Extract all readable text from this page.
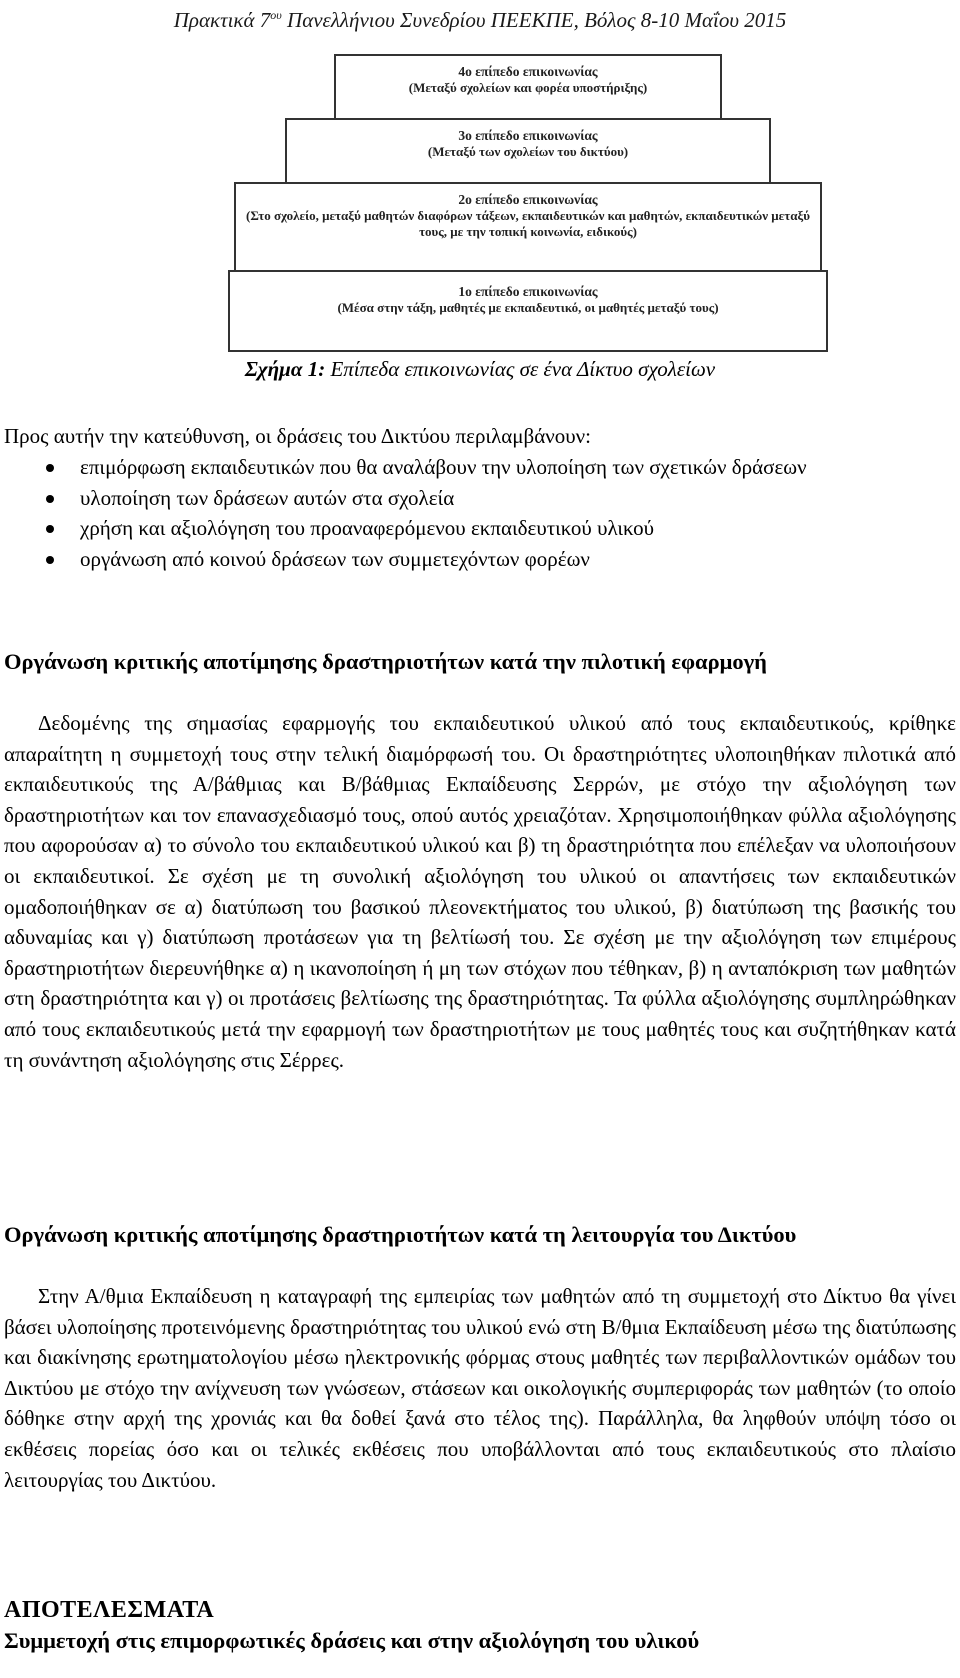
Πρακτικά $7^{o\upsilon}$ Πανελλήνιου Συνεδρίου ΠΕΕΚΠΕ, Βόλος 8-10 Μαΐου 2015
4ο επίπεδο επικοινωνίας
(Μεταξύ σχολείων και φορέα υποστήριξης)
3ο επίπεδο επικοινωνίας
(Μεταξύ των σχολείων του δικτύου)
2ο επίπεδο επικοινωνίας
(Στο σχολείο, μεταξύ μαθητών διαφόρων τάξεων, εκπαιδευτικών και μαθητών, εκπαιδευτικών μεταξύ τους, με την τοπική κοινωνία, ειδικούς)
1ο επίπεδο επικοινωνίας
(Μέσα στην τάξη, μαθητές με εκπαιδευτικό, οι μαθητές μεταξύ τους)
Σχήμα 1: Επίπεδα επικοινωνίας σε ένα Δίκτυο σχολείων
Προς αυτήν την κατεύθυνση, οι δράσεις του Δικτύου περιλαμβάνουν:
επιμόρφωση εκπαιδευτικών που θα αναλάβουν την υλοποίηση των σχετικών δράσεων
υλοποίηση των δράσεων αυτών στα σχολεία
χρήση και αξιολόγηση του προαναφερόμενου εκπαιδευτικού υλικού
οργάνωση από κοινού δράσεων των συμμετεχόντων φορέων
Οργάνωση κριτικής αποτίμησης δραστηριοτήτων κατά την πιλοτική εφαρμογή
Δεδομένης της σημασίας εφαρμογής του εκπαιδευτικού υλικού από τους εκπαιδευτικούς, κρίθηκε απαραίτητη η συμμετοχή τους στην τελική διαμόρφωσή του. Οι δραστηριότητες υλοποιηθήκαν πιλοτικά από εκπαιδευτικούς της Α/βάθμιας και Β/βάθμιας Εκπαίδευσης Σερρών, με στόχο την αξιολόγηση των δραστηριοτήτων και τον επανασχεδιασμό τους, οπού αυτός χρειαζόταν. Χρησιμοποιήθηκαν φύλλα αξιολόγησης που αφορούσαν α) το σύνολο του εκπαιδευτικού υλικού και β) τη δραστηριότητα που επέλεξαν να υλοποιήσουν οι εκπαιδευτικοί. Σε σχέση με τη συνολική αξιολόγηση του υλικού οι απαντήσεις των εκπαιδευτικών ομαδοποιήθηκαν σε α) διατύπωση του βασικού πλεονεκτήματος του υλικού, β) διατύπωση της βασικής του αδυναμίας και γ) διατύπωση προτάσεων για τη βελτίωσή του. Σε σχέση με την αξιολόγηση των επιμέρους δραστηριοτήτων διερευνήθηκε α) η ικανοποίηση ή μη των στόχων που τέθηκαν, β) η ανταπόκριση των μαθητών στη δραστηριότητα και γ) οι προτάσεις βελτίωσης της δραστηριότητας. Τα φύλλα αξιολόγησης συμπληρώθηκαν από τους εκπαιδευτικούς μετά την εφαρμογή των δραστηριοτήτων με τους μαθητές τους και συζητήθηκαν κατά τη συνάντηση αξιολόγησης στις Σέρρες.
Οργάνωση κριτικής αποτίμησης δραστηριοτήτων κατά τη λειτουργία του Δικτύου
Στην Α/θμια Εκπαίδευση η καταγραφή της εμπειρίας των μαθητών από τη συμμετοχή στο Δίκτυο θα γίνει βάσει υλοποίησης προτεινόμενης δραστηριότητας του υλικού ενώ στη Β/θμια Εκπαίδευση μέσω της διατύπωσης και διακίνησης ερωτηματολογίου μέσω ηλεκτρονικής φόρμας στους μαθητές των περιβαλλοντικών ομάδων του Δικτύου με στόχο την ανίχνευση των γνώσεων, στάσεων και οικολογικής συμπεριφοράς των μαθητών (το οποίο δόθηκε στην αρχή της χρονιάς και θα δοθεί ξανά στο τέλος της). Παράλληλα, θα ληφθούν υπόψη τόσο οι εκθέσεις πορείας όσο και οι τελικές εκθέσεις που υποβάλλονται από τους εκπαιδευτικούς στο πλαίσιο λειτουργίας του Δικτύου.
ΑΠΟΤΕΛΕΣΜΑΤΑ
Συμμετοχή στις επιμορφωτικές δράσεις και στην αξιολόγηση του υλικού
